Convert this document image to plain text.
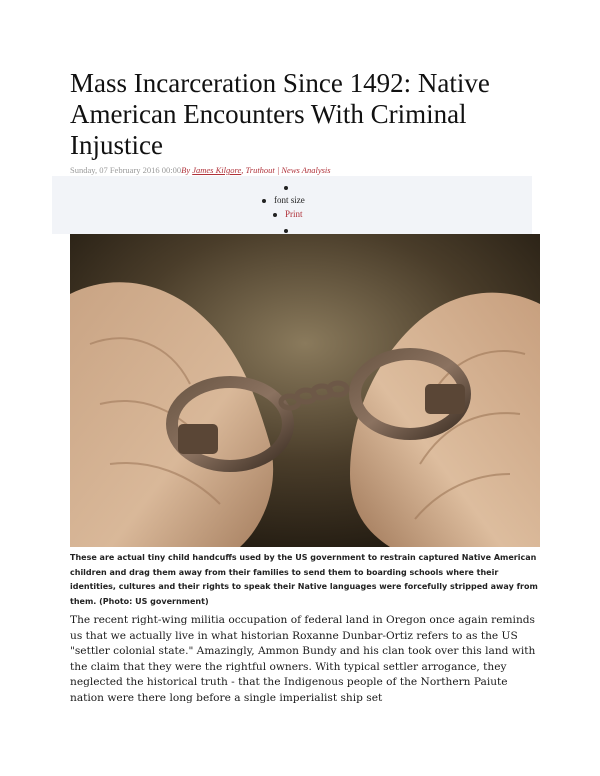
Mass Incarceration Since 1492: Native American Encounters With Criminal Injustice
Sunday, 07 February 2016 00:00By James Kilgore, Truthout | News Analysis
font size
Print

These are actual tiny child handcuffs used by the US government to restrain captured Native American children and drag them away from their families to send them to boarding schools where their identities, cultures and their rights to speak their Native languages were forcefully stripped away from them. (Photo: US government)

The recent right-wing militia occupation of federal land in Oregon once again reminds us that we actually live in what historian Roxanne Dunbar-Ortiz refers to as the US "settler colonial state." Amazingly, Ammon Bundy and his clan took over this land with the claim that they were the rightful owners. With typical settler arrogance, they neglected the historical truth - that the Indigenous people of the Northern Paiute nation were there long before a single imperialist ship set
